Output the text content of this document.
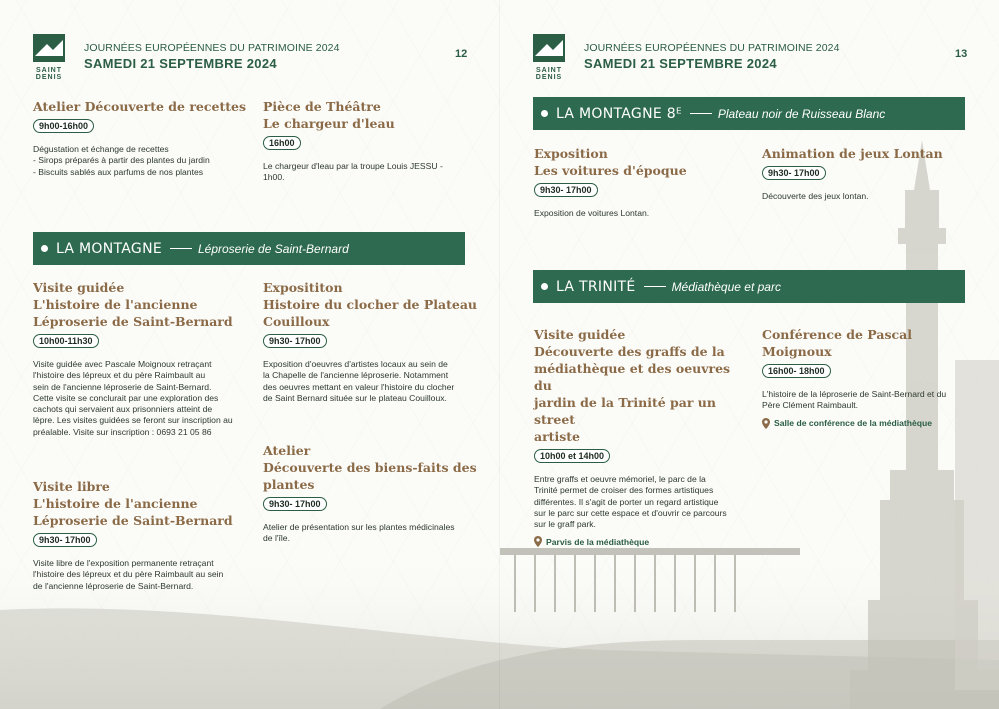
SAINT
DENIS
JOURNÉES EUROPÉENNES DU PATRIMOINE 2024
SAMEDI 21 SEPTEMBRE 2024
12
Atelier Découverte de recettes
9h00-16h00
Dégustation et échange de recettes
- Sirops préparés à partir des plantes du jardin
- Biscuits sablés aux parfums de nos plantes
Pièce de Théâtre
Le chargeur d'leau
16h00
Le chargeur d'leau par la troupe Louis JESSU -
1h00.
LA MONTAGNE	Léproserie de Saint-Bernard
Visite guidée
L'histoire de l'ancienne
Léproserie de Saint-Bernard
10h00-11h30
Visite guidée avec Pascale Moignoux retraçant
l'histoire des lépreux et du père Raimbault au
sein de l'ancienne léproserie de Saint-Bernard.
Cette visite se conclurait par une exploration des
cachots qui servaient aux prisonniers atteint de
lèpre. Les visites guidées se feront sur inscription au
préalable. Visite sur inscription : 0693 21 05 86
Exposititon
Histoire du clocher de Plateau
Couilloux
9h30- 17h00
Exposition d'oeuvres d'artistes locaux au sein de
la Chapelle de l'ancienne léproserie. Notamment
des oeuvres mettant en valeur l'histoire du clocher
de Saint Bernard située sur le plateau Couilloux.
Visite libre
L'histoire de l'ancienne
Léproserie de Saint-Bernard
9h30- 17h00
Visite libre de l'exposition permanente retraçant
l'histoire des lépreux et du père Raimbault au sein
de l'ancienne léproserie de Saint-Bernard.
Atelier
Découverte des biens-faits des
plantes
9h30- 17h00
Atelier de présentation sur les plantes médicinales
de l'île.
SAINT
DENIS
JOURNÉES EUROPÉENNES DU PATRIMOINE 2024
SAMEDI 21 SEPTEMBRE 2024
13
LA MONTAGNE 8ᴱ	Plateau noir de Ruisseau Blanc
Exposition
Les voitures d'époque
9h30- 17h00
Exposition de voitures Lontan.
Animation de jeux Lontan
9h30- 17h00
Découverte des jeux lontan.
LA TRINITÉ	Médiathèque et parc
Visite guidée
Découverte des graffs de la
médiathèque et des oeuvres du
jardin de la Trinité par un street
artiste
10h00 et 14h00
Entre graffs et oeuvre mémoriel, le parc de la
Trinité permet de croiser des formes artistiques
différentes. Il s'agit de porter un regard artistique
sur le parc sur cette espace et d'ouvrir ce parcours
sur le graff park.
Parvis de la médiathèque
Conférence de Pascal Moignoux
16h00- 18h00
L'histoire de la léproserie de Saint-Bernard et du
Père Clément Raimbault.
Salle de conférence de la médiathèque
